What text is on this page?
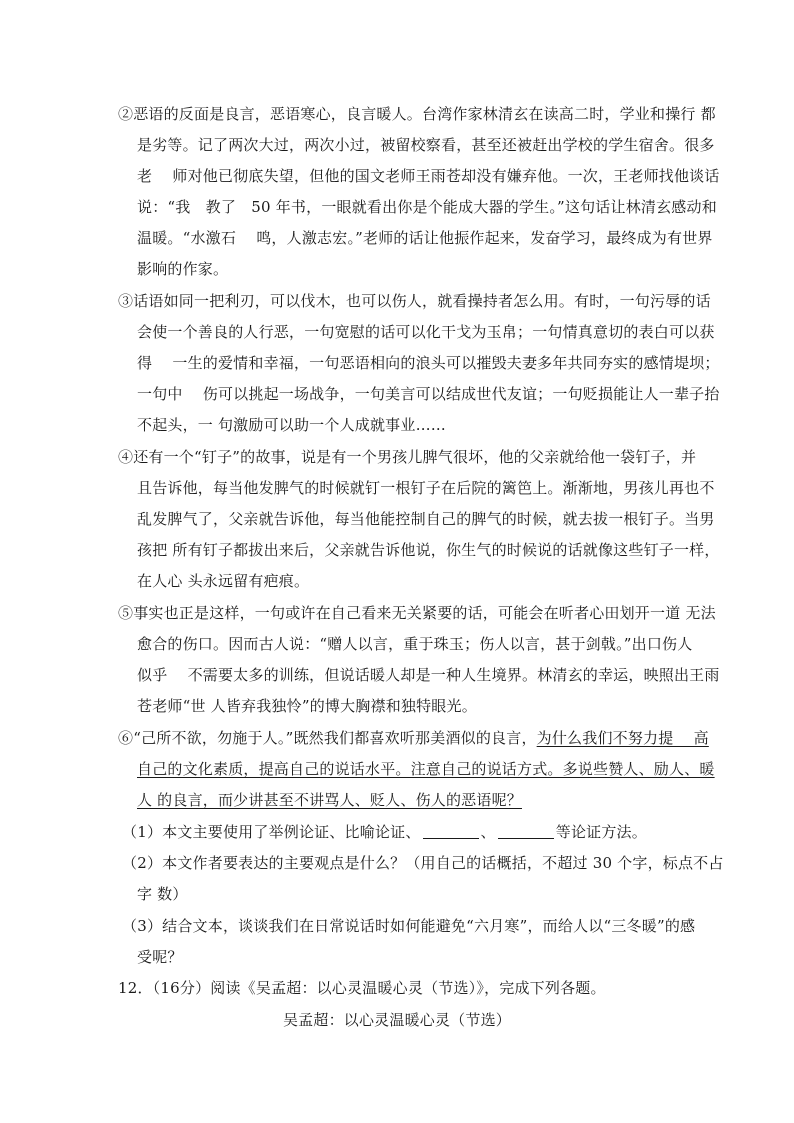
②恶语的反面是良言，恶语寒心，良言暖人。台湾作家林清玄在读高二时，学业和操行 都
是劣等。记了两次大过，两次小过，被留校察看，甚至还被赶出学校的学生宿舍。很多
老　 师对他已彻底失望，但他的国文老师王雨苍却没有嫌弃他。一次，王老师找他谈话
说：“我　教了　50 年书，一眼就看出你是个能成大器的学生。”这句话让林清玄感动和
温暖。“水激石　 鸣，人激志宏。”老师的话让他振作起来，发奋学习，最终成为有世界
影响的作家。
③话语如同一把利刃，可以伐木，也可以伤人，就看操持者怎么用。有时，一句污辱的话
会使一个善良的人行恶，一句宽慰的话可以化干戈为玉帛；一句情真意切的表白可以获
得　 一生的爱情和幸福，一句恶语相向的浪头可以摧毁夫妻多年共同夯实的感情堤坝；
一句中　 伤可以挑起一场战争，一句美言可以结成世代友谊；一句贬损能让人一辈子抬
不起头，一 句激励可以助一个人成就事业……
④还有一个“钉子”的故事，说是有一个男孩儿脾气很坏，他的父亲就给他一袋钉子，并
且告诉他，每当他发脾气的时候就钉一根钉子在后院的篱笆上。渐渐地，男孩儿再也不
乱发脾气了，父亲就告诉他，每当他能控制自己的脾气的时候，就去拔一根钉子。当男
孩把 所有钉子都拔出来后，父亲就告诉他说，你生气的时候说的话就像这些钉子一样，
在人心 头永远留有疤痕。
⑤事实也正是这样，一句或许在自己看来无关紧要的话，可能会在听者心田划开一道 无法
愈合的伤口。因而古人说：“赠人以言，重于珠玉；伤人以言，甚于剑戟。”出口伤人
似乎　 不需要太多的训练，但说话暖人却是一种人生境界。林清玄的幸运，映照出王雨
苍老师“世 人皆弃我独怜”的博大胸襟和独特眼光。
⑥“己所不欲，勿施于人。”既然我们都喜欢听那美酒似的良言，为什么我们不努力提　 高
自己的文化素质，提高自己的说话水平。注意自己的说话方式。多说些赞人、励人、暖
人 的良言，而少讲甚至不讲骂人、贬人、伤人的恶语呢？
（1）本文主要使用了举例论证、比喻论证、	、	等论证方法。
（2）本文作者要表达的主要观点是什么？（用自己的话概括，不超过 30 个字，标点不占
字 数）
（3）结合文本，谈谈我们在日常说话时如何能避免“六月寒”，而给人以“三冬暖”的感
受呢？
12．（16分）阅读《吴孟超：以心灵温暖心灵（节选）》，完成下列各题。
吴孟超：以心灵温暖心灵（节选）
